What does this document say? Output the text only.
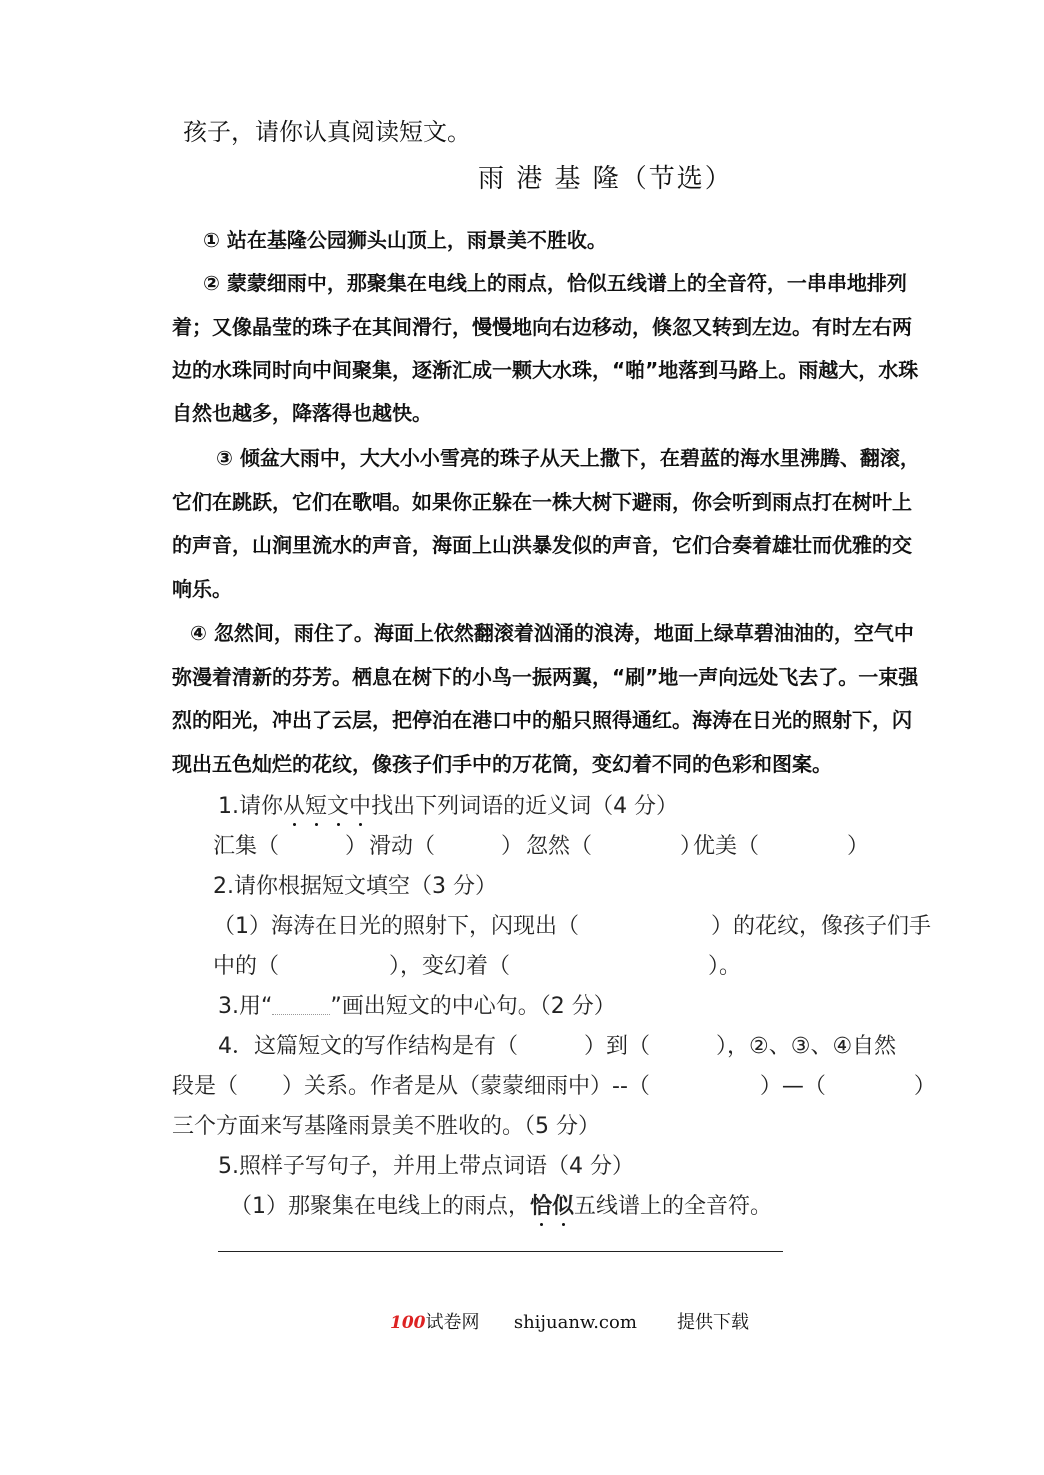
孩子，请你认真阅读短文。
雨 港 基 隆（节选）
① 站在基隆公园狮头山顶上，雨景美不胜收。
② 蒙蒙细雨中，那聚集在电线上的雨点，恰似五线谱上的全音符，一串串地排列
着；又像晶莹的珠子在其间滑行，慢慢地向右边移动，倏忽又转到左边。有时左右两
边的水珠同时向中间聚集，逐渐汇成一颗大水珠，“啪”地落到马路上。雨越大，水珠
自然也越多，降落得也越快。
③ 倾盆大雨中，大大小小雪亮的珠子从天上撒下，在碧蓝的海水里沸腾、翻滚，
它们在跳跃，它们在歌唱。如果你正躲在一株大树下避雨，你会听到雨点打在树叶上
的声音，山涧里流水的声音，海面上山洪暴发似的声音，它们合奏着雄壮而优雅的交
响乐。
④ 忽然间，雨住了。海面上依然翻滚着汹涌的浪涛，地面上绿草碧油油的，空气中
弥漫着清新的芬芳。栖息在树下的小鸟一振两翼，“刷”地一声向远处飞去了。一束强
烈的阳光，冲出了云层，把停泊在港口中的船只照得通红。海涛在日光的照射下，闪
现出五色灿烂的花纹，像孩子们手中的万花筒，变幻着不同的色彩和图案。
1.请你从短文中找出下列词语的近义词（4 分）
汇集（　　　） 滑动（　　　） 忽然（　　　　）
优美（　　　　）
2.请你根据短文填空（3 分）
（1）海涛在日光的照射下，闪现出（　　　　　　）的花纹，像孩子们手
中的（　　　　　），变幻着（　　　　　　　　　）。
3.用“	”画出短文的中心句。（2 分）
4．这篇短文的写作结构是有（　　　）到（　　　），②、③、④自然
段是（　　）关系。作者是从（蒙蒙细雨中）--（　　　　　）—（　　　　）
三个方面来写基隆雨景美不胜收的。（5 分）
5.照样子写句子，并用上带点词语（4 分）
（1）那聚集在电线上的雨点，恰似五线谱上的全音符。
100试卷网 shijuanw.com 提供下载
